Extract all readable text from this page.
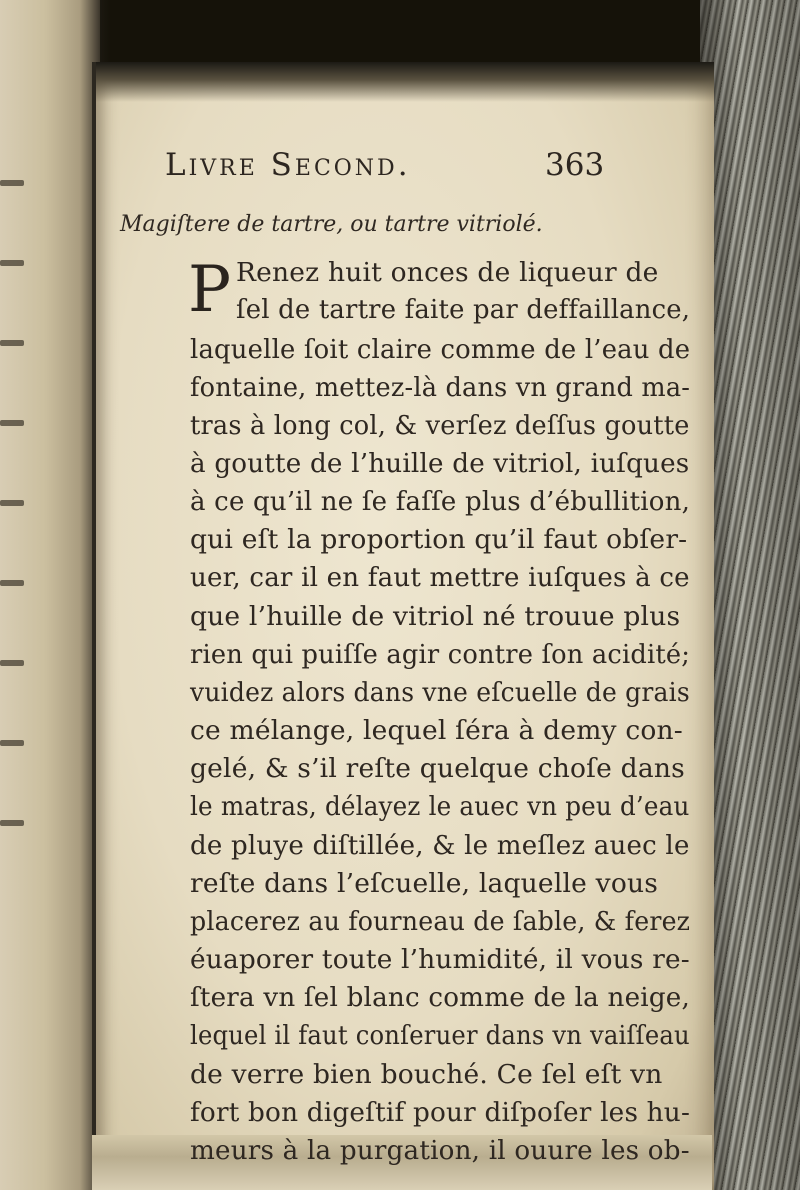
Livre Second.	363
Magiſtere de tartre, ou tartre vitriolé.
P Renez huit onces de liqueur de
ſel de tartre faite par deffaillance,
laquelle ſoit claire comme de l’eau de
fontaine, mettez-là dans vn grand ma-
tras à long col, & verſez deſſus goutte
à goutte de l’huille de vitriol, iuſques
à ce qu’il ne ſe faſſe plus d’ébullition,
qui eſt la proportion qu’il faut obſer-
uer, car il en faut mettre iuſques à ce
que l’huille de vitriol né trouue plus
rien qui puiſſe agir contre ſon acidité;
vuidez alors dans vne eſcuelle de grais
ce mélange, lequel ſéra à demy con-
gelé, & s’il reſte quelque choſe dans
le matras, délayez le auec vn peu d’eau
de pluye diſtillée, & le meſlez auec le
reſte dans l’eſcuelle, laquelle vous
placerez au fourneau de ſable, & ferez
éuaporer toute l’humidité, il vous re-
ſtera vn ſel blanc comme de la neige,
lequel il faut conſeruer dans vn vaiſſeau
de verre bien bouché. Ce ſel eſt vn
fort bon digeſtif pour diſpoſer les hu-
meurs à la purgation, il ouure les ob-
